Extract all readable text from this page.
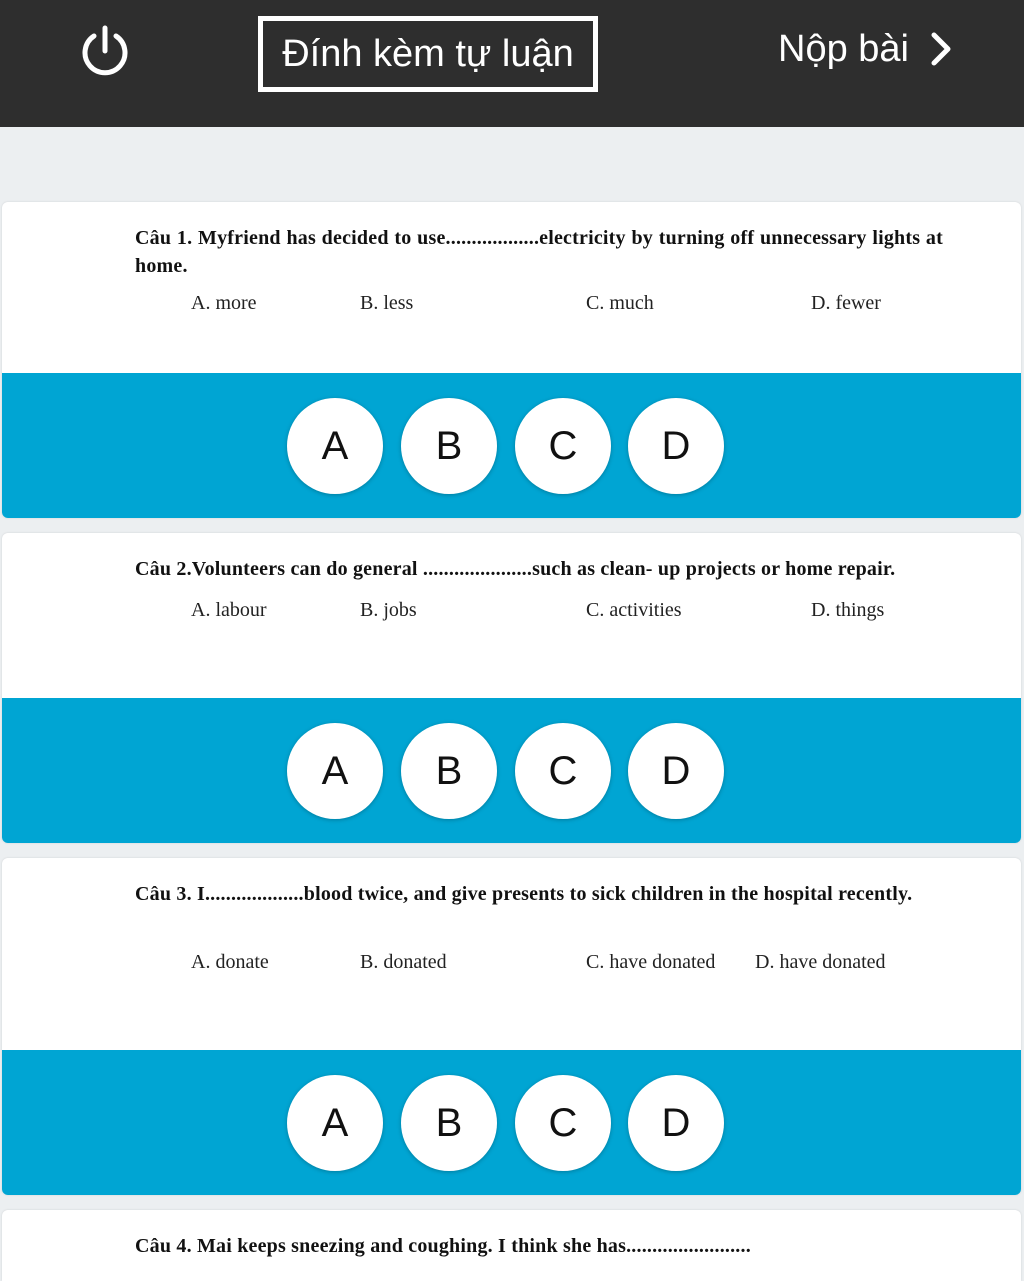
Đính kèm tự luận	Nộp bài
Câu 1. Myfriend has decided to use..................electricity by turning off unnecessary lights at home.
A. more	B. less	C. much	D. fewer
A	B	C	D
Câu 2.Volunteers can do general .....................such as clean- up projects or home repair.
A. labour	B. jobs	C. activities	D. things
A	B	C	D
Câu 3. I...................blood twice, and give presents to sick children in the hospital recently.
A. donate	B. donated	C. have donated D. have donated
A	B	C	D
Câu 4. Mai keeps sneezing and coughing. I think she has........................
